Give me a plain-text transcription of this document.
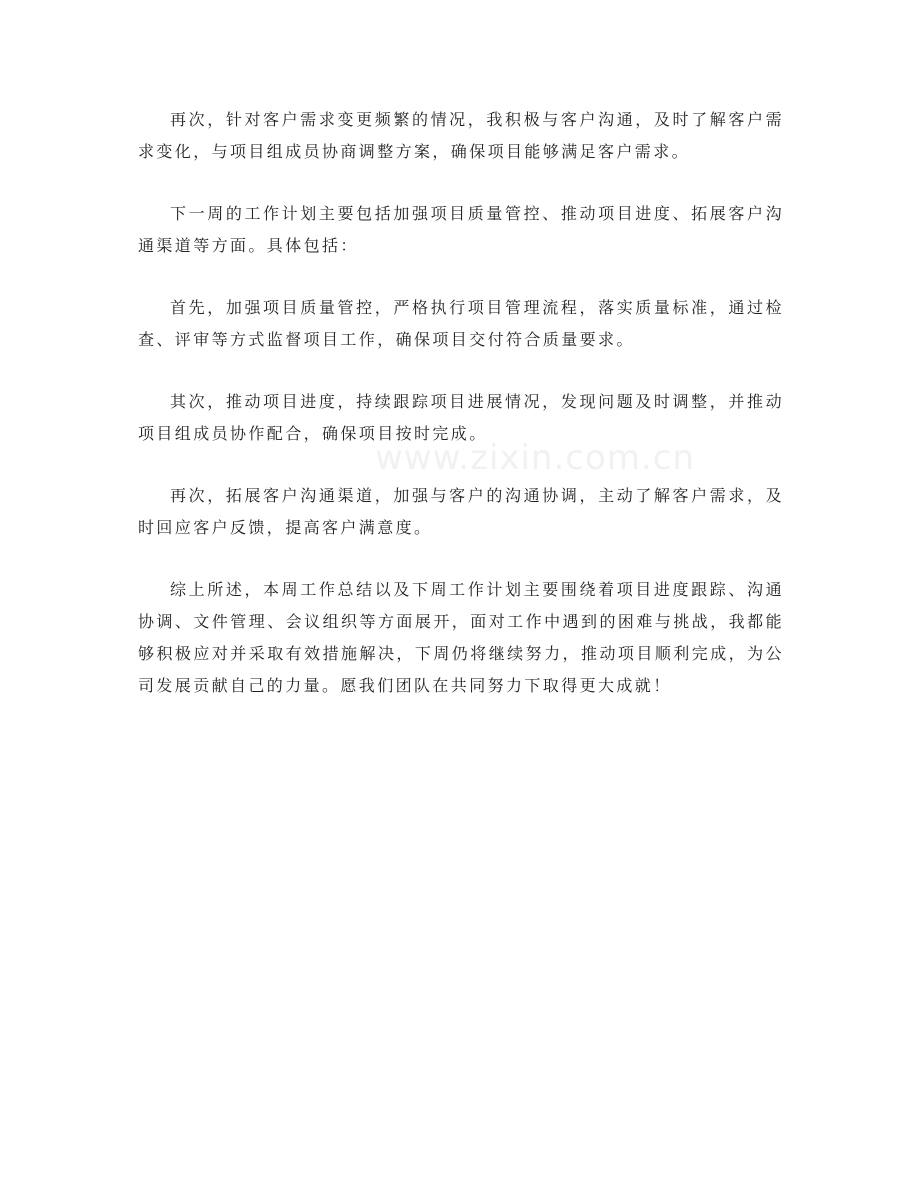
再次，针对客户需求变更频繁的情况，我积极与客户沟通，及时了解客户需求变化，与项目组成员协商调整方案，确保项目能够满足客户需求。

下一周的工作计划主要包括加强项目质量管控、推动项目进度、拓展客户沟通渠道等方面。具体包括：

首先，加强项目质量管控，严格执行项目管理流程，落实质量标准，通过检查、评审等方式监督项目工作，确保项目交付符合质量要求。

其次，推动项目进度，持续跟踪项目进展情况，发现问题及时调整，并推动项目组成员协作配合，确保项目按时完成。

再次，拓展客户沟通渠道，加强与客户的沟通协调，主动了解客户需求，及时回应客户反馈，提高客户满意度。

综上所述，本周工作总结以及下周工作计划主要围绕着项目进度跟踪、沟通协调、文件管理、会议组织等方面展开，面对工作中遇到的困难与挑战，我都能够积极应对并采取有效措施解决，下周仍将继续努力，推动项目顺利完成，为公司发展贡献自己的力量。愿我们团队在共同努力下取得更大成就！

www.zixin.com.cn
